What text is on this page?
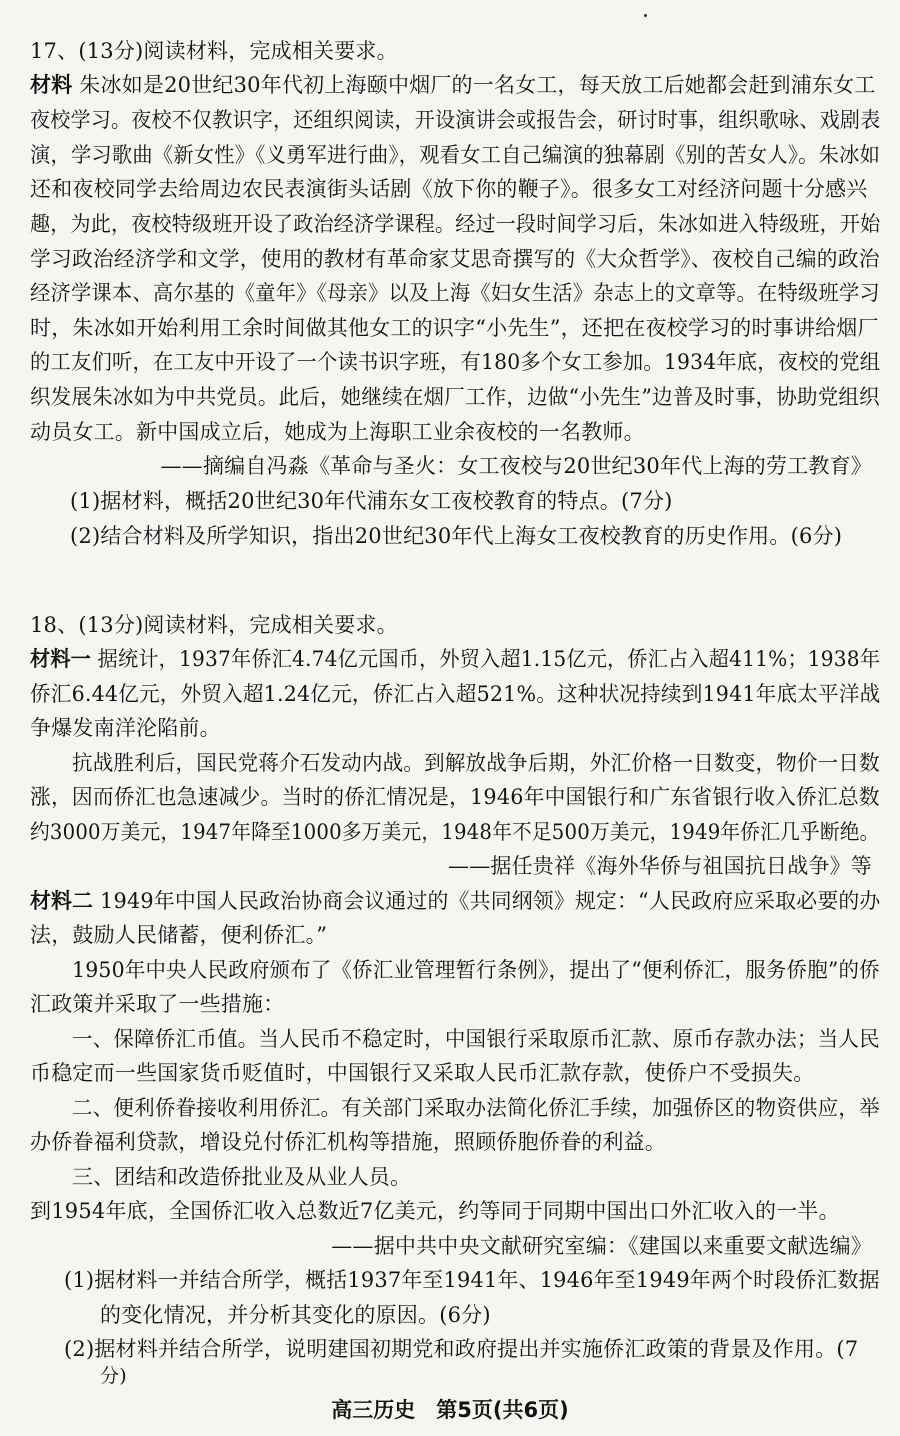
17、(13分)阅读材料，完成相关要求。
材料 朱冰如是20世纪30年代初上海颐中烟厂的一名女工，每天放工后她都会赶到浦东女工
夜校学习。夜校不仅教识字，还组织阅读，开设演讲会或报告会，研讨时事，组织歌咏、戏剧表
演，学习歌曲《新女性》《义勇军进行曲》，观看女工自己编演的独幕剧《别的苦女人》。朱冰如
还和夜校同学去给周边农民表演街头话剧《放下你的鞭子》。很多女工对经济问题十分感兴
趣，为此，夜校特级班开设了政治经济学课程。经过一段时间学习后，朱冰如进入特级班，开始
学习政治经济学和文学，使用的教材有革命家艾思奇撰写的《大众哲学》、夜校自己编的政治
经济学课本、高尔基的《童年》《母亲》以及上海《妇女生活》杂志上的文章等。在特级班学习
时，朱冰如开始利用工余时间做其他女工的识字“小先生”，还把在夜校学习的时事讲给烟厂
的工友们听，在工友中开设了一个读书识字班，有180多个女工参加。1934年底，夜校的党组
织发展朱冰如为中共党员。此后，她继续在烟厂工作，边做“小先生”边普及时事，协助党组织
动员女工。新中国成立后，她成为上海职工业余夜校的一名教师。
——摘编自冯淼《革命与圣火：女工夜校与20世纪30年代上海的劳工教育》
(1)据材料，概括20世纪30年代浦东女工夜校教育的特点。(7分)
(2)结合材料及所学知识，指出20世纪30年代上海女工夜校教育的历史作用。(6分)
18、(13分)阅读材料，完成相关要求。
材料一 据统计，1937年侨汇4.74亿元国币，外贸入超1.15亿元，侨汇占入超411%；1938年
侨汇6.44亿元，外贸入超1.24亿元，侨汇占入超521%。这种状况持续到1941年底太平洋战
争爆发南洋沦陷前。
抗战胜利后，国民党蒋介石发动内战。到解放战争后期，外汇价格一日数变，物价一日数
涨，因而侨汇也急速减少。当时的侨汇情况是，1946年中国银行和广东省银行收入侨汇总数
约3000万美元，1947年降至1000多万美元，1948年不足500万美元，1949年侨汇几乎断绝。
——据任贵祥《海外华侨与祖国抗日战争》等
材料二 1949年中国人民政治协商会议通过的《共同纲领》规定：“人民政府应采取必要的办
法，鼓励人民储蓄，便利侨汇。”
1950年中央人民政府颁布了《侨汇业管理暂行条例》，提出了“便利侨汇，服务侨胞”的侨
汇政策并采取了一些措施：
一、保障侨汇币值。当人民币不稳定时，中国银行采取原币汇款、原币存款办法；当人民
币稳定而一些国家货币贬值时，中国银行又采取人民币汇款存款，使侨户不受损失。
二、便利侨眷接收利用侨汇。有关部门采取办法简化侨汇手续，加强侨区的物资供应，举
办侨眷福利贷款，增设兑付侨汇机构等措施，照顾侨胞侨眷的利益。
三、团结和改造侨批业及从业人员。
到1954年底，全国侨汇收入总数近7亿美元，约等同于同期中国出口外汇收入的一半。
——据中共中央文献研究室编：《建国以来重要文献选编》
(1)据材料一并结合所学，概括1937年至1941年、1946年至1949年两个时段侨汇数据
的变化情况，并分析其变化的原因。(6分)
(2)据材料并结合所学，说明建国初期党和政府提出并实施侨汇政策的背景及作用。(7
高三历史　第5页(共6页)
分)
